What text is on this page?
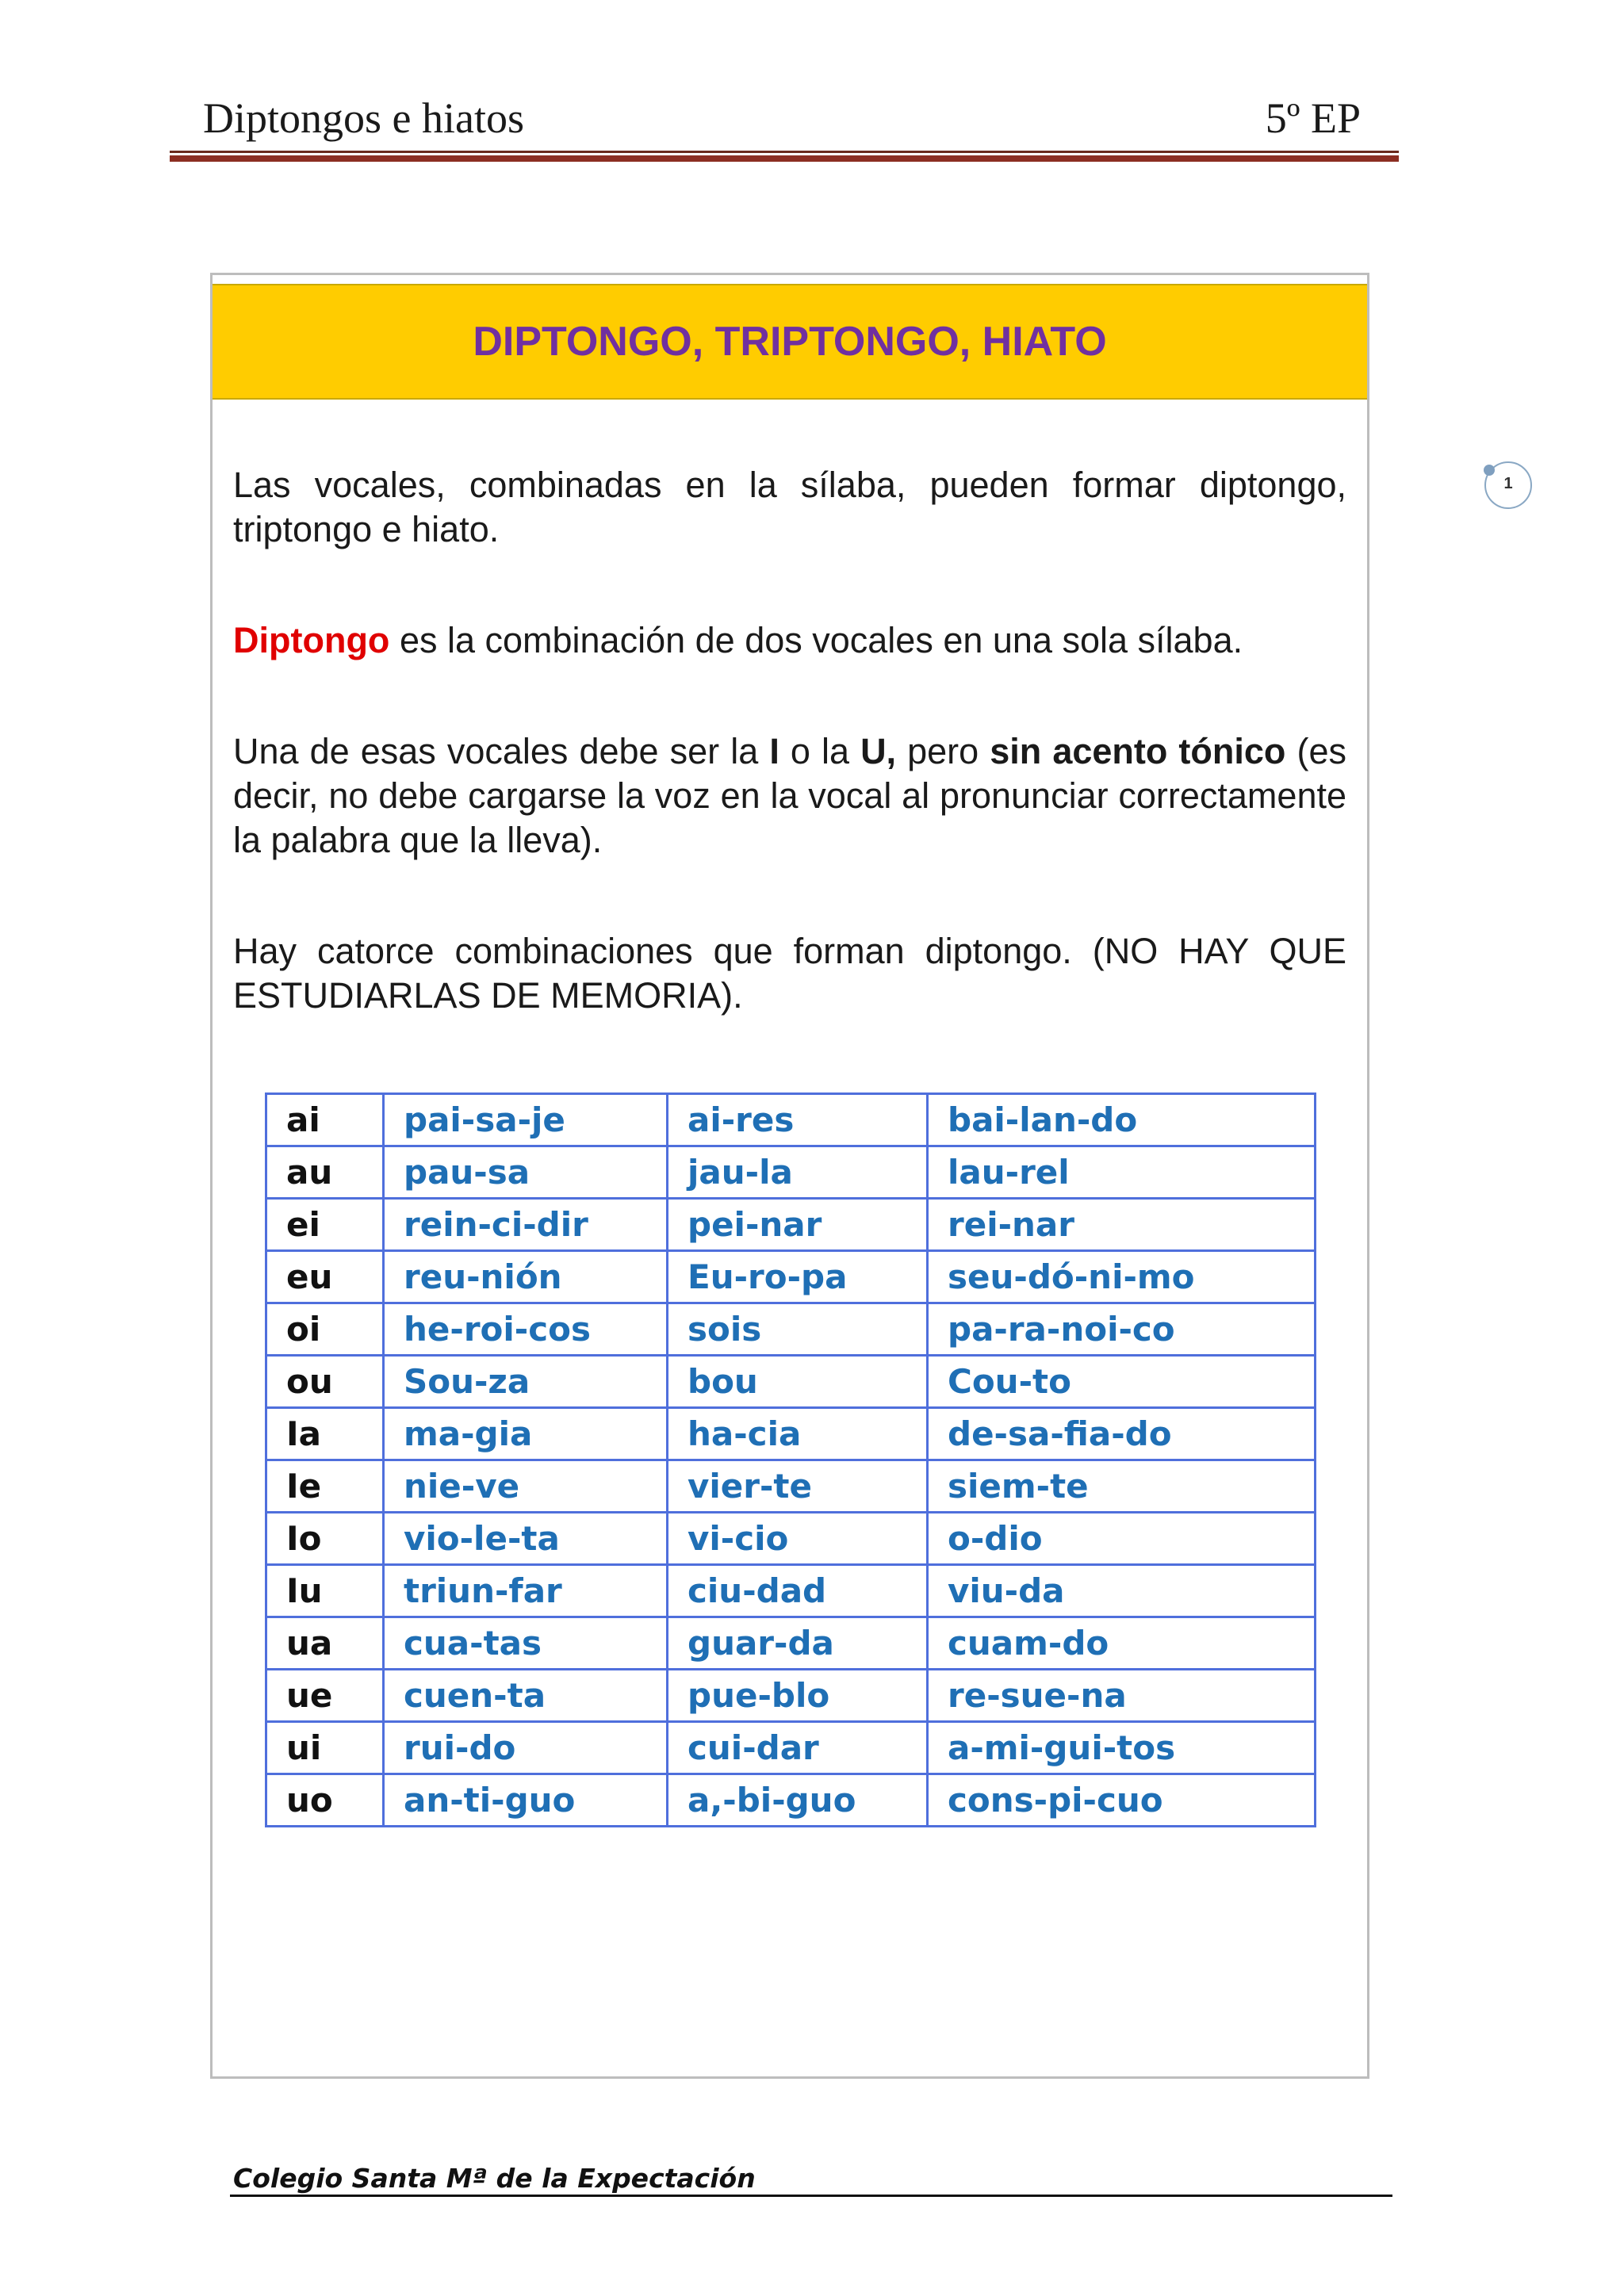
Diptongos e hiatos	5º EP
1
DIPTONGO, TRIPTONGO, HIATO
Las vocales, combinadas en la sílaba, pueden formar diptongo, triptongo e hiato.
Diptongo es la combinación de dos vocales en una sola sílaba.
Una de esas vocales debe ser la I o la U, pero sin acento tónico (es decir, no debe cargarse la voz en la vocal al pronunciar correctamente la palabra que la lleva).
Hay catorce combinaciones que forman diptongo. (NO HAY QUE ESTUDIARLAS DE MEMORIA).
ai	pai-sa-je	ai-res	bai-lan-do
au	pau-sa	jau-la	lau-rel
ei	rein-ci-dir	pei-nar	rei-nar
eu	reu-nión	Eu-ro-pa	seu-dó-ni-mo
oi	he-roi-cos	sois	pa-ra-noi-co
ou	Sou-za	bou	Cou-to
Ia	ma-gia	ha-cia	de-sa-fia-do
Ie	nie-ve	vier-te	siem-te
Io	vio-le-ta	vi-cio	o-dio
Iu	triun-far	ciu-dad	viu-da
ua	cua-tas	guar-da	cuam-do
ue	cuen-ta	pue-blo	re-sue-na
ui	rui-do	cui-dar	a-mi-gui-tos
uo	an-ti-guo	a,-bi-guo	cons-pi-cuo
Colegio Santa Mª de la Expectación
